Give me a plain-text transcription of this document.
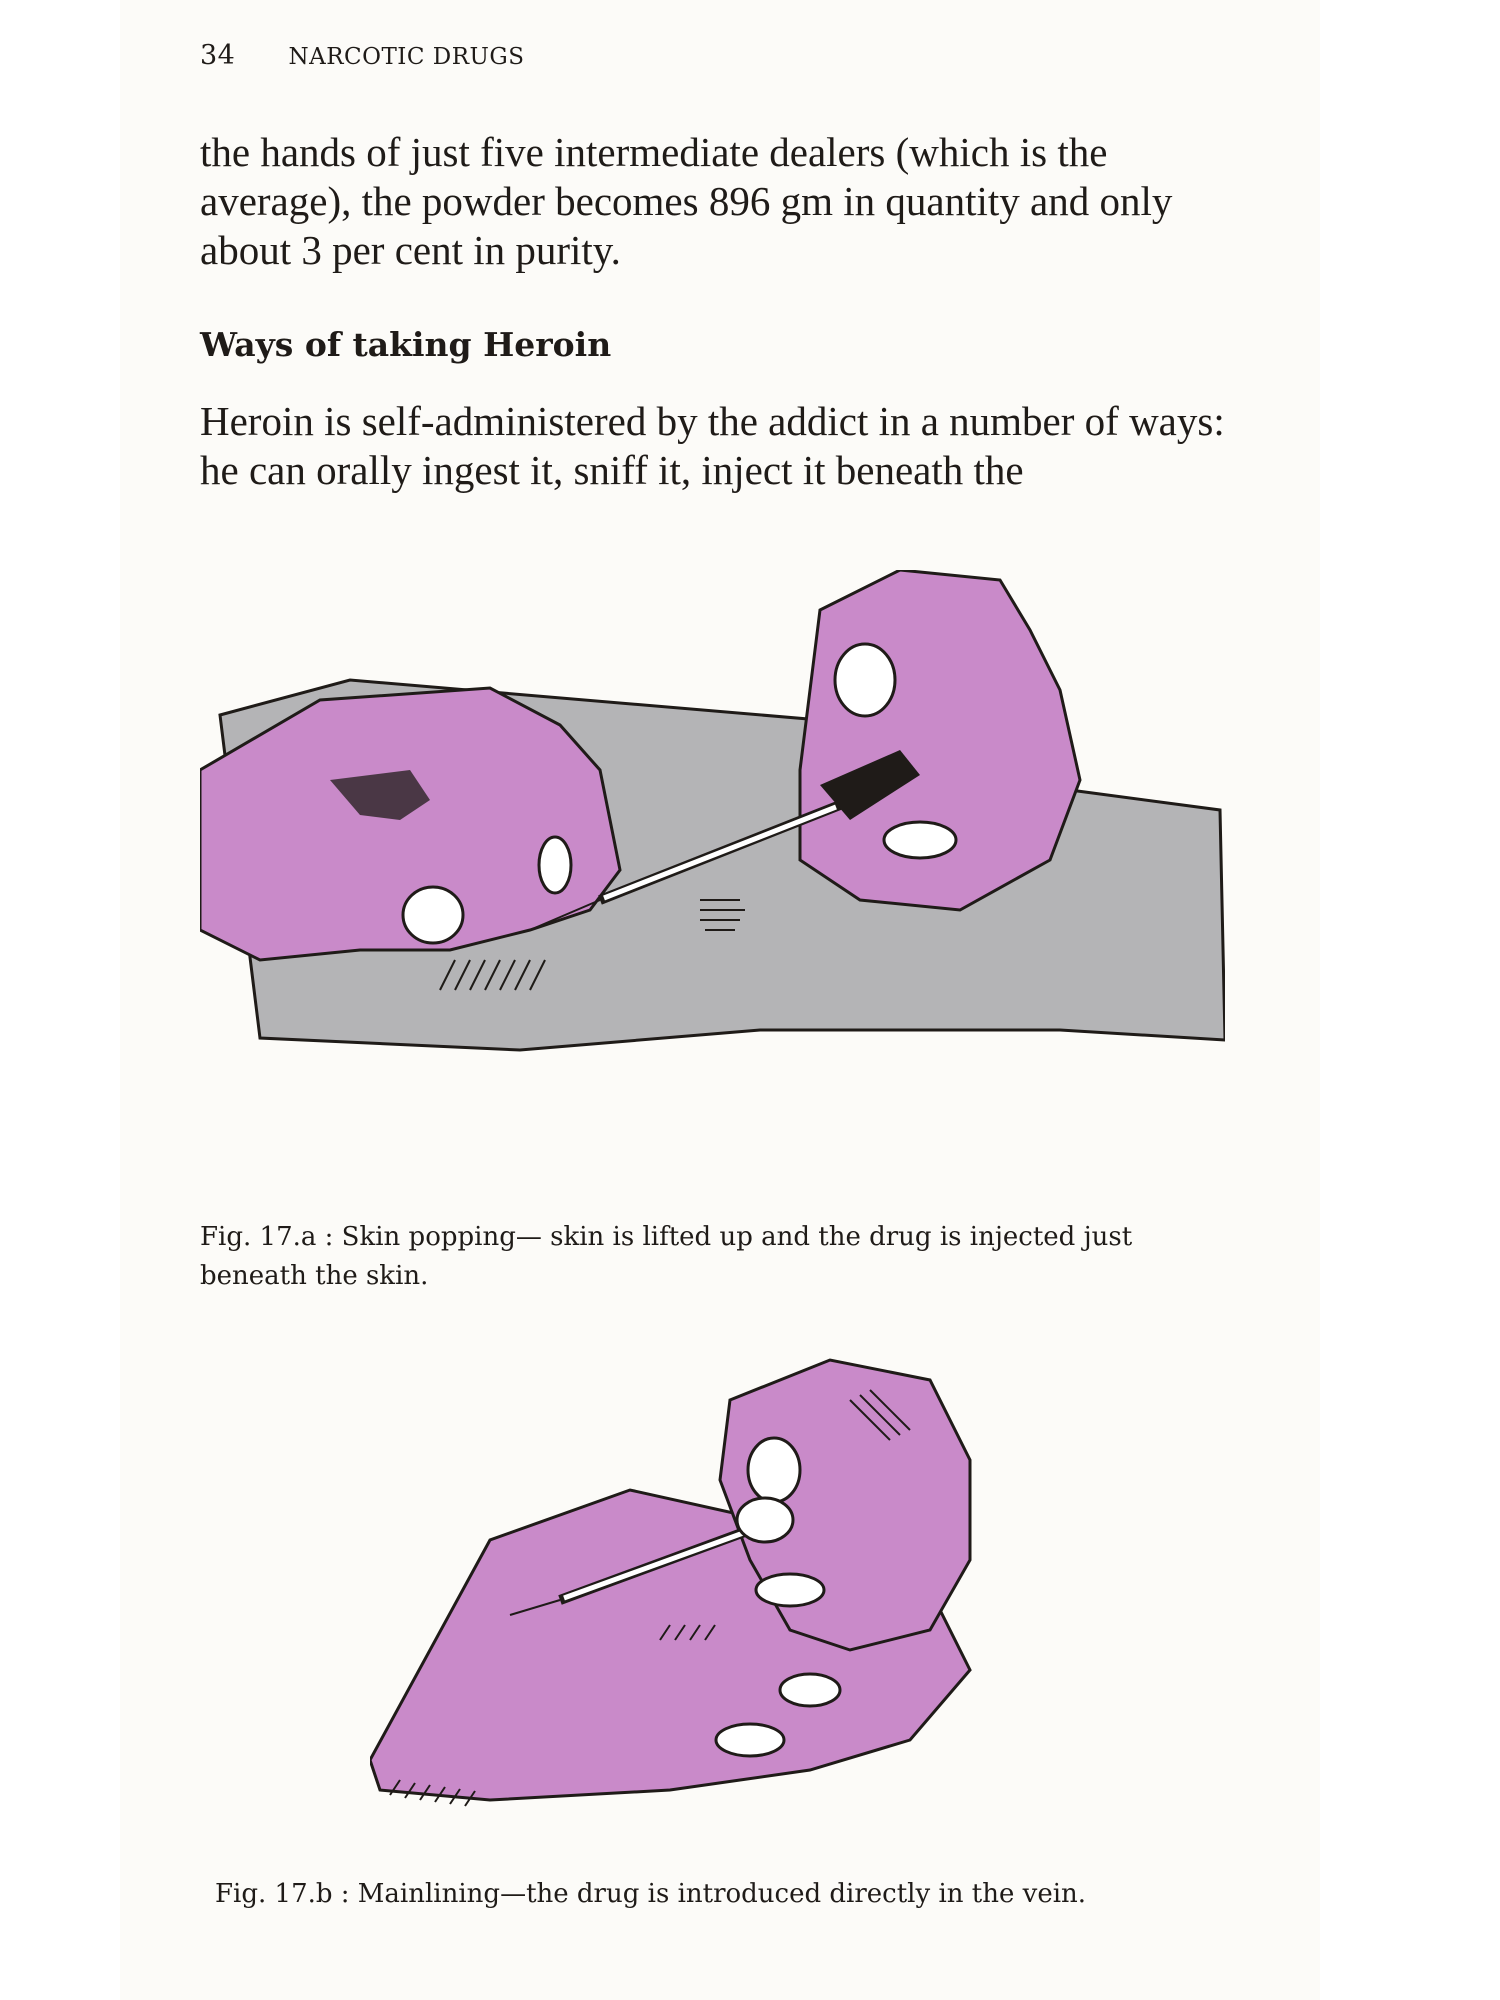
34 NARCOTIC DRUGS

the hands of just five intermediate dealers (which is the average), the powder becomes 896 gm in quantity and only about 3 per cent in purity.

Ways of taking Heroin

Heroin is self-administered by the addict in a number of ways: he can orally ingest it, sniff it, inject it beneath the

Fig. 17.a : Skin popping— skin is lifted up and the drug is injected just beneath the skin.

Fig. 17.b : Mainlining—the drug is introduced directly in the vein.
